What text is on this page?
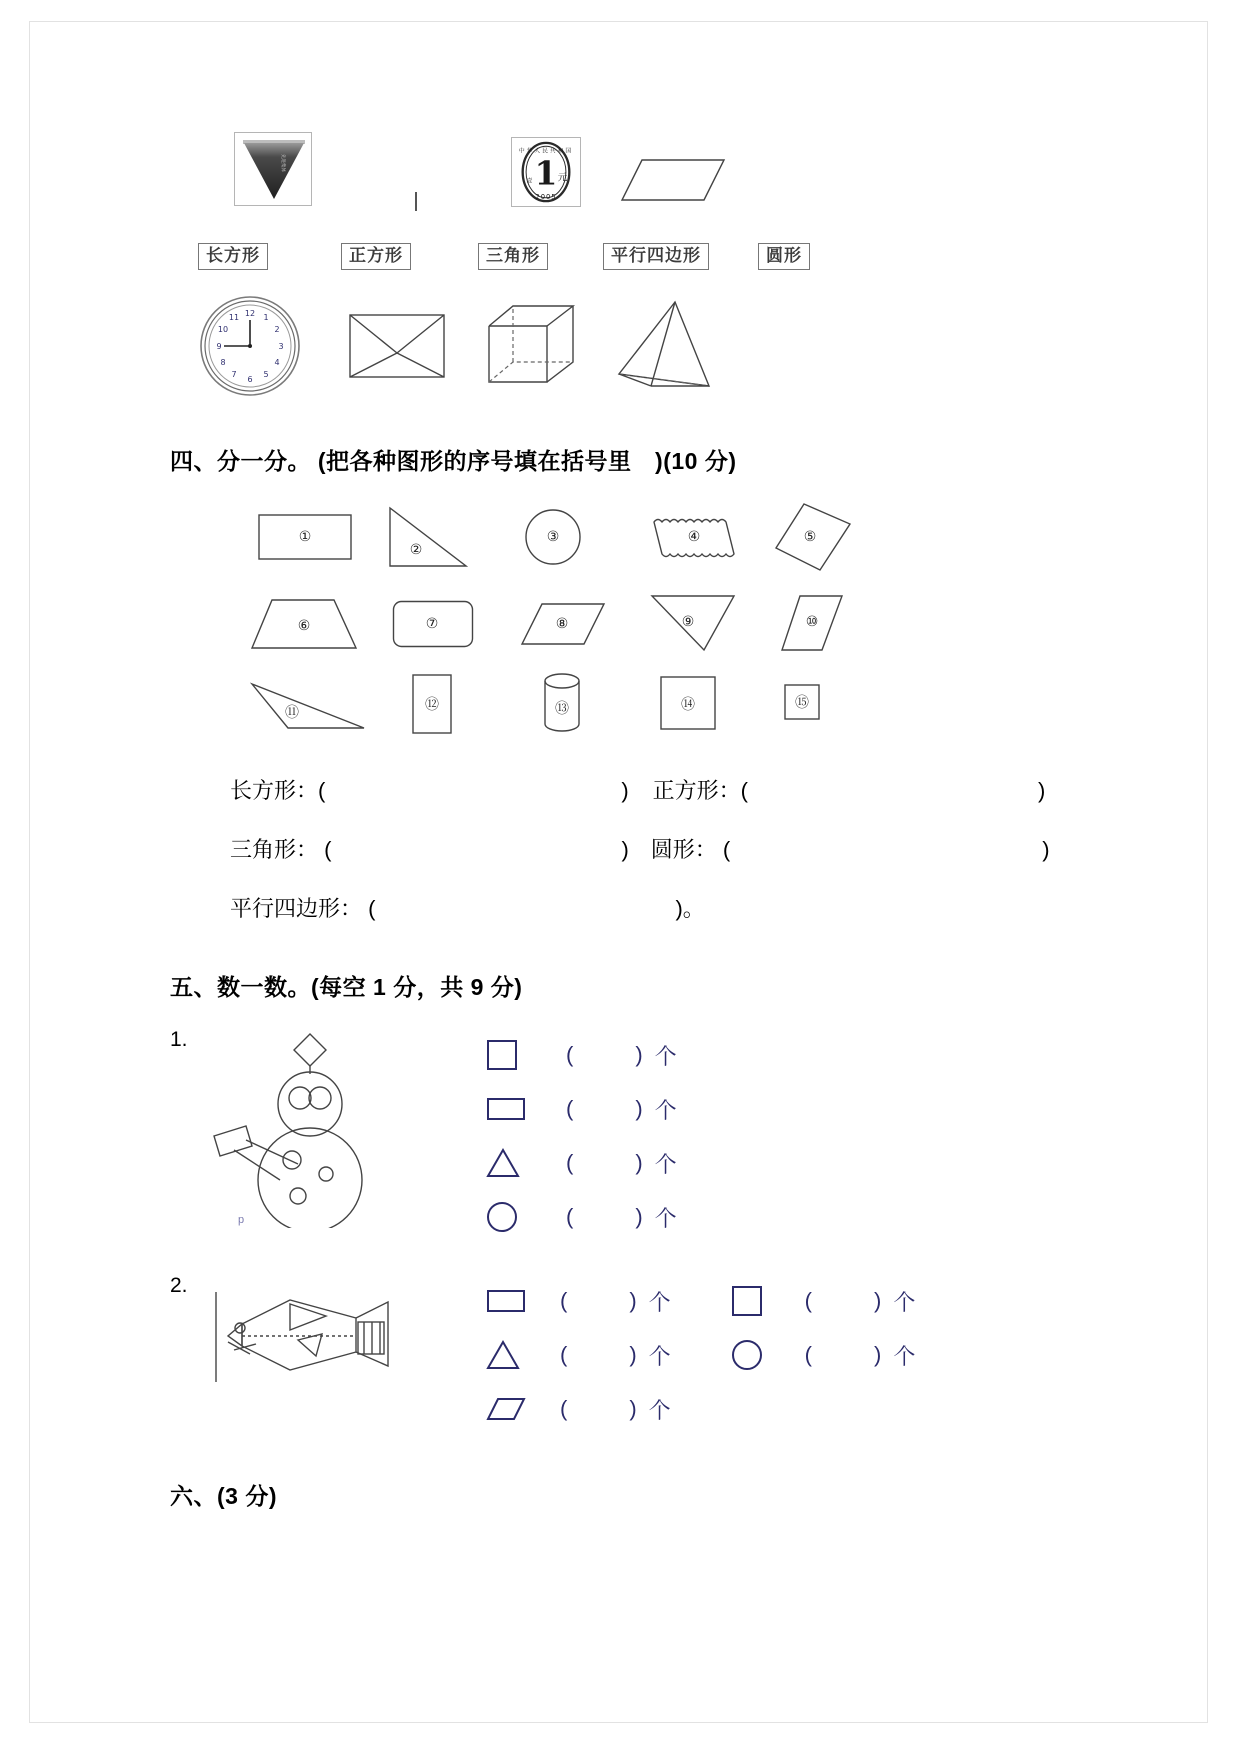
先进集体	1 元
2005
中华人民共和国
壹
长方形	正方形	三角形	平行四边形	圆形
12 1
2
3
4
5
6
7
8
9
10
11
四、分一分。 (把各种图形的序号填在括号里　)(10 分)
①
②
③	④	⑤
⑥	⑦	⑧	⑨	⑩
⑪	⑫	⑬	⑭	⑮
长方形：(	) 正方形：(	)
三角形： (	) 圆形： (	)
平行四边形： (	)。
五、数一数。(每空 1 分，共 9 分)
1.
p
(	) 个
(	) 个
(	) 个
(	) 个
2.
(	) 个
(	) 个
(	) 个
(	) 个
(	) 个
六、(3 分)
